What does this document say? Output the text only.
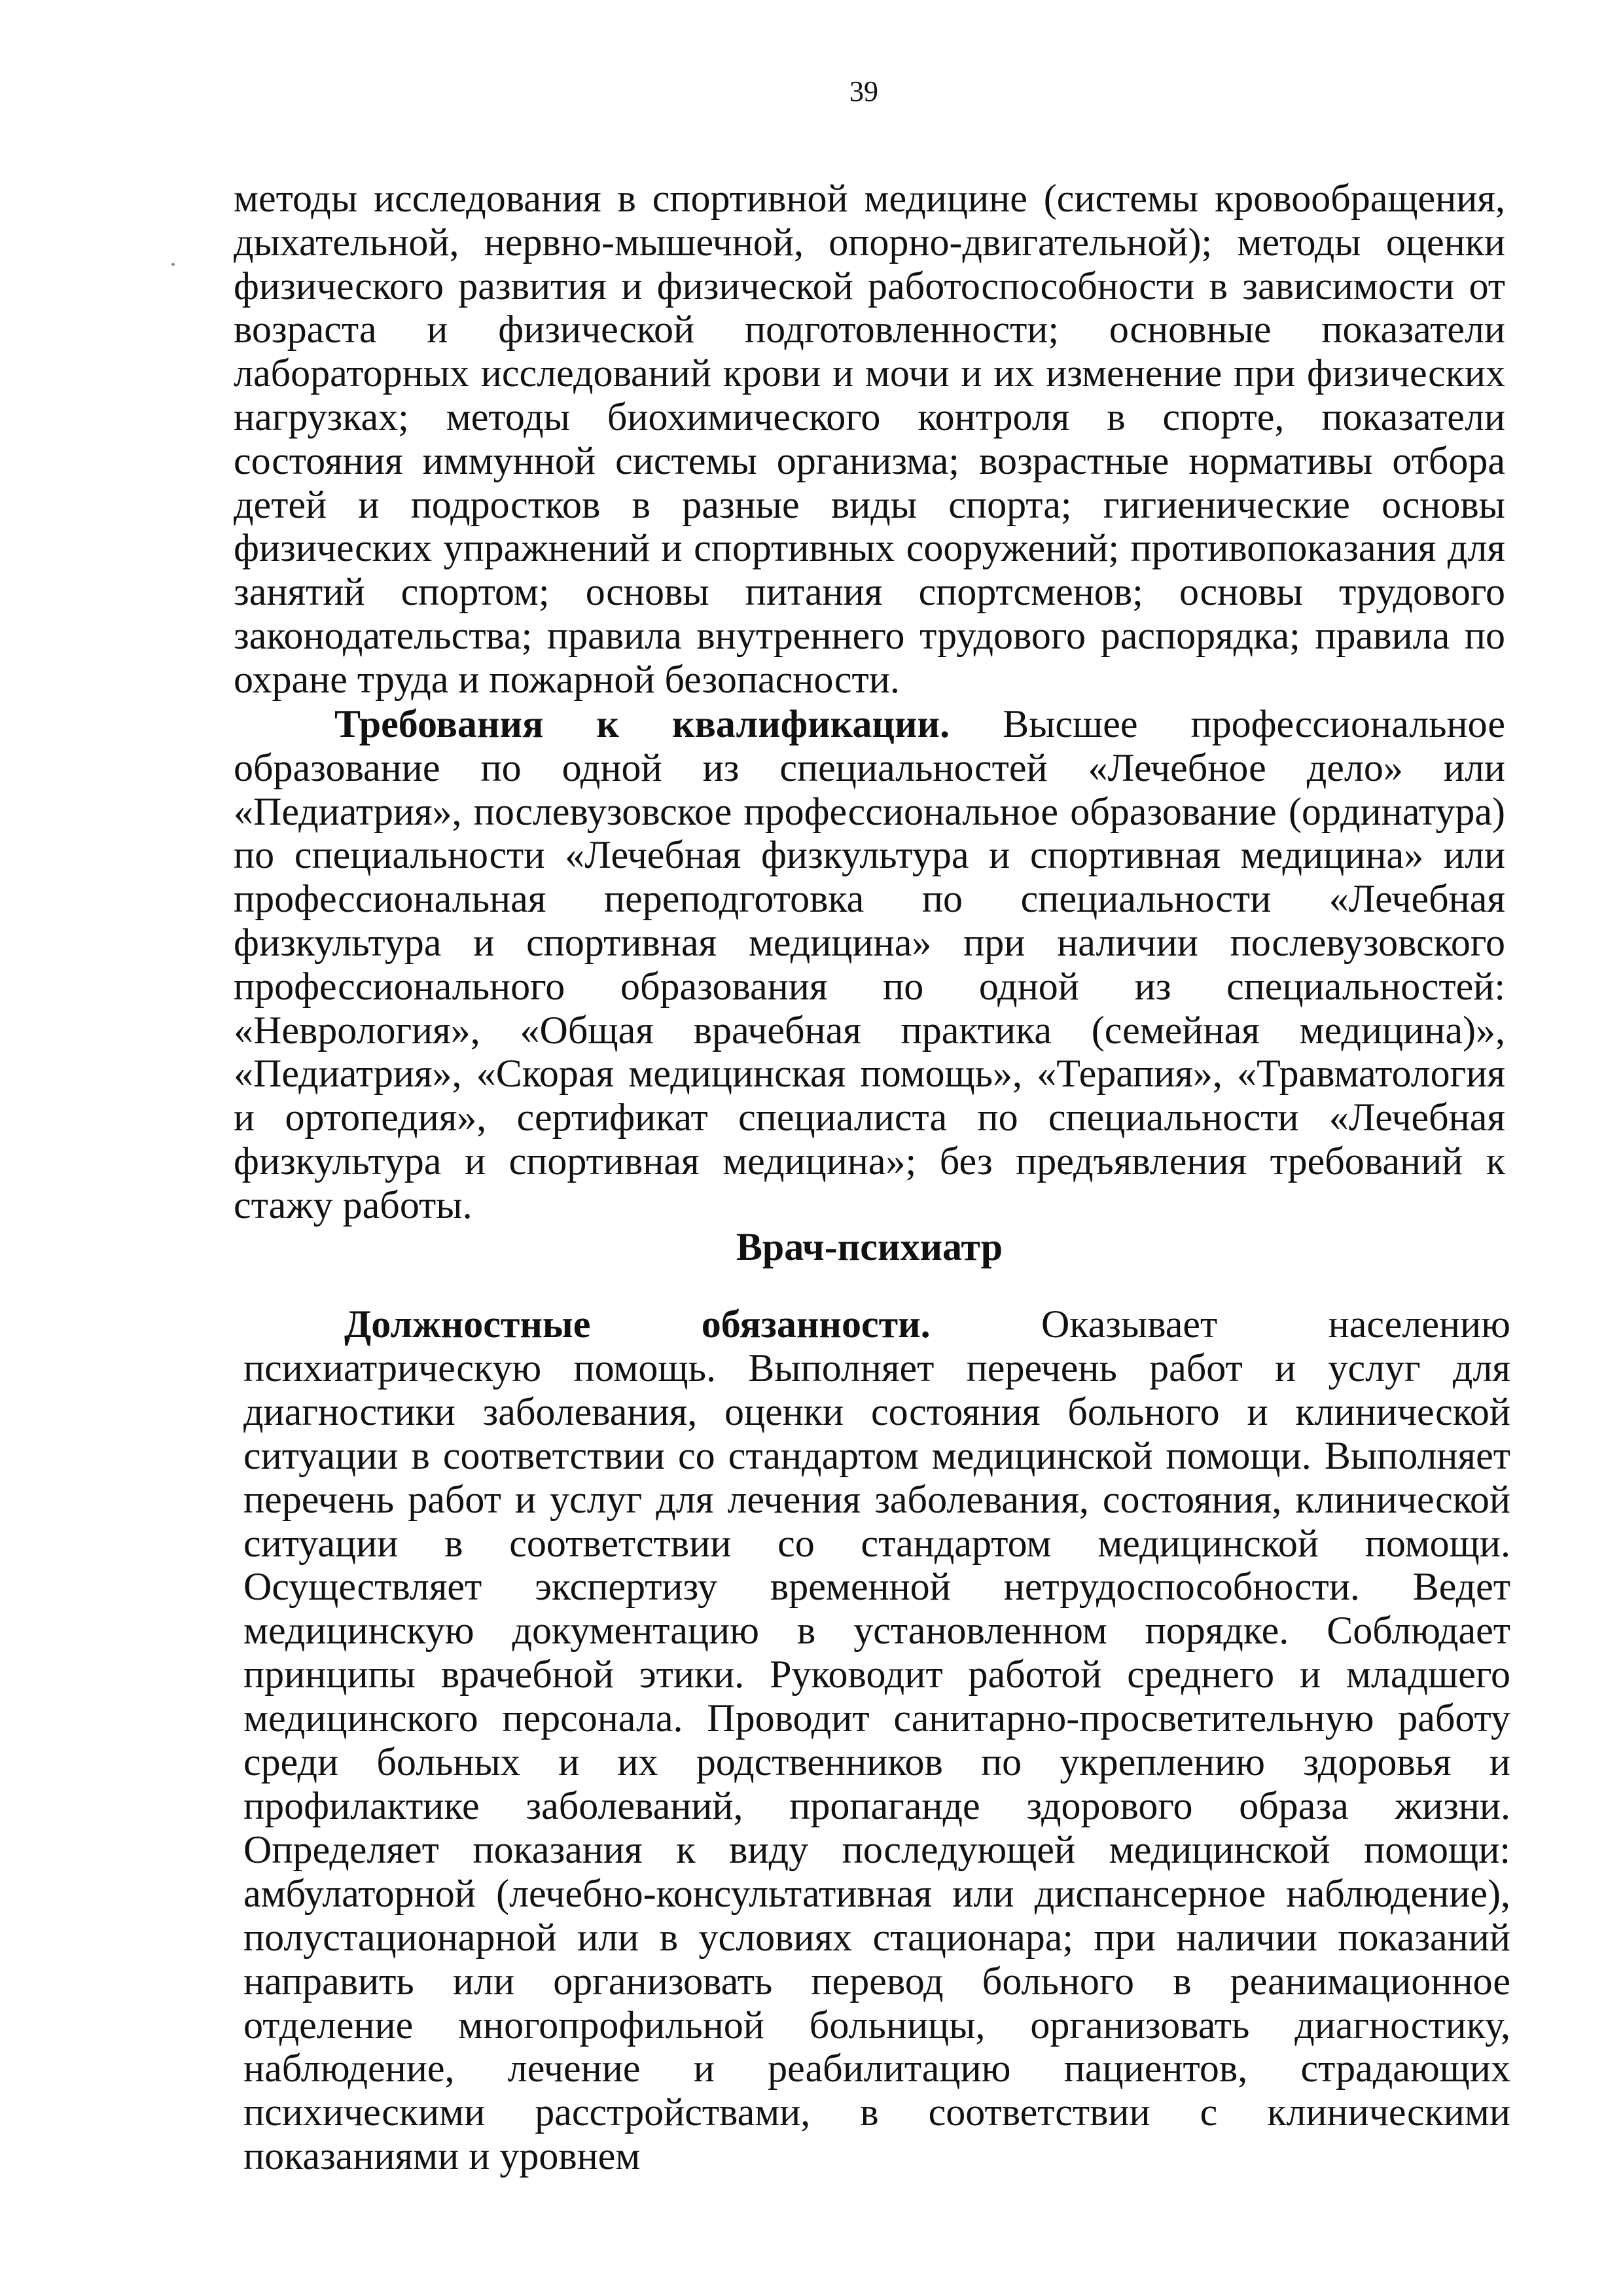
39

методы исследования в спортивной медицине (системы кровообращения, дыхательной, нервно-мышечной, опорно-двигательной); методы оценки физического развития и физической работоспособности в зависимости от возраста и физической подготовленности; основные показатели лабораторных исследований крови и мочи и их изменение при физических нагрузках; методы биохимического контроля в спорте, показатели состояния иммунной системы организма; возрастные нормативы отбора детей и подростков в разные виды спорта; гигиенические основы физических упражнений и спортивных сооружений; противопоказания для занятий спортом; основы питания спортсменов; основы трудового законодательства; правила внутреннего трудового распорядка; правила по охране труда и пожарной безопасности.

Требования к квалификации. Высшее профессиональное образование по одной из специальностей «Лечебное дело» или «Педиатрия», послевузовское профессиональное образование (ординатура) по специальности «Лечебная физкультура и спортивная медицина» или профессиональная переподготовка по специальности «Лечебная физкультура и спортивная медицина» при наличии послевузовского профессионального образования по одной из специальностей: «Неврология», «Общая врачебная практика (семейная медицина)», «Педиатрия», «Скорая медицинская помощь», «Терапия», «Травматология и ортопедия», сертификат специалиста по специальности «Лечебная физкультура и спортивная медицина»; без предъявления требований к стажу работы.

Врач-психиатр

Должностные обязанности. Оказывает населению психиатрическую помощь. Выполняет перечень работ и услуг для диагностики заболевания, оценки состояния больного и клинической ситуации в соответствии со стандартом медицинской помощи. Выполняет перечень работ и услуг для лечения заболевания, состояния, клинической ситуации в соответствии со стандартом медицинской помощи. Осуществляет экспертизу временной нетрудоспособности. Ведет медицинскую документацию в установленном порядке. Соблюдает принципы врачебной этики. Руководит работой среднего и младшего медицинского персонала. Проводит санитарно-просветительную работу среди больных и их родственников по укреплению здоровья и профилактике заболеваний, пропаганде здорового образа жизни. Определяет показания к виду последующей медицинской помощи: амбулаторной (лечебно-консультативная или диспансерное наблюдение), полустационарной или в условиях стационара; при наличии показаний направить или организовать перевод больного в реанимационное отделение многопрофильной больницы, организовать диагностику, наблюдение, лечение и реабилитацию пациентов, страдающих психическими расстройствами, в соответствии с клиническими показаниями и уровнем
